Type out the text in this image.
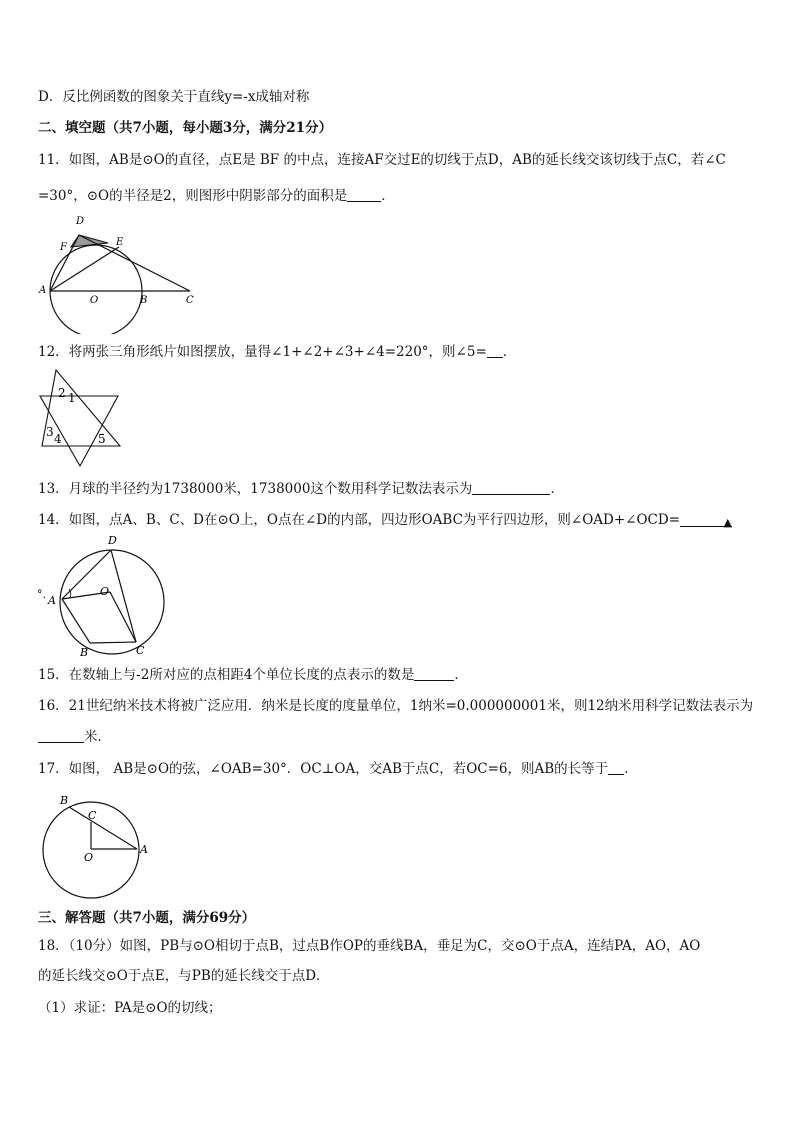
D．反比例函数的图象关于直线y=-x成轴对称
二、填空题（共7小题，每小题3分，满分21分）
11．如图，AB是⊙O的直径，点E是 BF 的中点，连接AF交过E的切线于点D，AB的延长线交该切线于点C，若∠C
=30°，⊙O的半径是2，则图形中阴影部分的面积是	．
D
F	E
A
O	B	C
12．将两张三角形纸片如图摆放，量得∠1+∠2+∠3+∠4=220°，则∠5= ．
2 1
3 4	5
13．月球的半径约为1738000米，1738000这个数用科学记数法表示为	．
14．如图，点A、B、C、D在⊙O上，O点在∠D的内部，四边形OABC为平行四边形，则∠OAD+∠OCD=	▲
D
O
A
B	C
°.
15．在数轴上与-2所对应的点相距4个单位长度的点表示的数是	．
16．21世纪纳米技术将被广泛应用．纳米是长度的度量单位，1纳米=0.000000001米，则12纳米用科学记数法表示为
米．
17．如图， AB是⊙O的弦，∠OAB=30°．OC⊥OA，交AB于点C，若OC=6，则AB的长等于 ．
B
C
O
A
三、解答题（共7小题，满分69分）
18．（10分）如图，PB与⊙O相切于点B，过点B作OP的垂线BA，垂足为C，交⊙O于点A，连结PA，AO，AO
的延长线交⊙O于点E，与PB的延长线交于点D．
（1）求证：PA是⊙O的切线；
